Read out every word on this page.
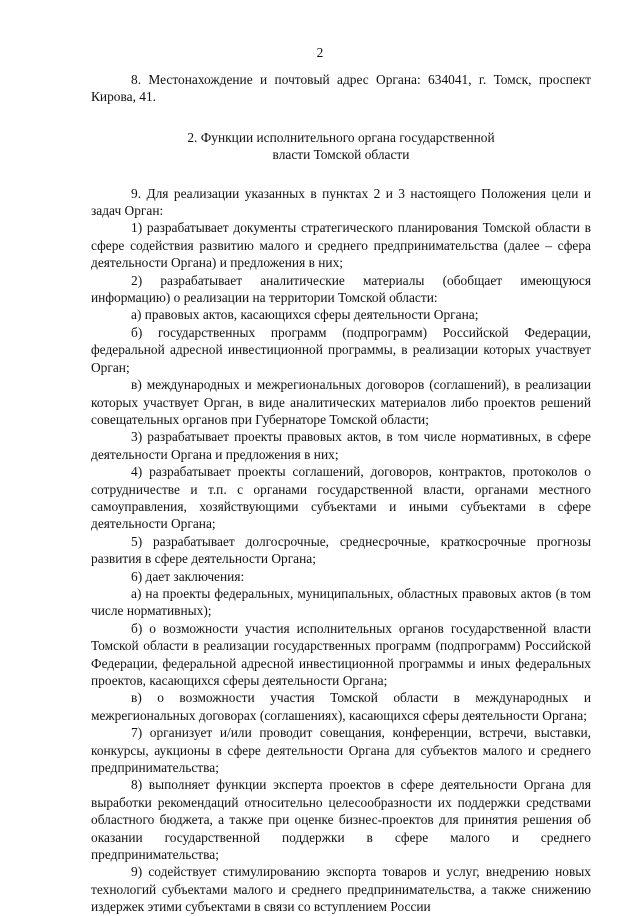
2

8. Местонахождение и почтовый адрес Органа: 634041, г. Томск, проспект Кирова, 41.

2. Функции исполнительного органа государственной
власти Томской области

9. Для реализации указанных в пунктах 2 и 3 настоящего Положения цели и задач Орган:

1) разрабатывает документы стратегического планирования Томской области в сфере содействия развитию малого и среднего предпринимательства (далее – сфера деятельности Органа) и предложения в них;

2) разрабатывает аналитические материалы (обобщает имеющуюся информацию) о реализации на территории Томской области:

а) правовых актов, касающихся сферы деятельности Органа;

б) государственных программ (подпрограмм) Российской Федерации, федеральной адресной инвестиционной программы, в реализации которых участвует Орган;

в) международных и межрегиональных договоров (соглашений), в реализации которых участвует Орган, в виде аналитических материалов либо проектов решений совещательных органов при Губернаторе Томской области;

3) разрабатывает проекты правовых актов, в том числе нормативных, в сфере деятельности Органа и предложения в них;

4) разрабатывает проекты соглашений, договоров, контрактов, протоколов о сотрудничестве и т.п. с органами государственной власти, органами местного самоуправления, хозяйствующими субъектами и иными субъектами в сфере деятельности Органа;

5) разрабатывает долгосрочные, среднесрочные, краткосрочные прогнозы развития в сфере деятельности Органа;

6) дает заключения:

а) на проекты федеральных, муниципальных, областных правовых актов (в том числе нормативных);

б) о возможности участия исполнительных органов государственной власти Томской области в реализации государственных программ (подпрограмм) Российской Федерации, федеральной адресной инвестиционной программы и иных федеральных проектов, касающихся сферы деятельности Органа;

в) о возможности участия Томской области в международных и межрегиональных договорах (соглашениях), касающихся сферы деятельности Органа;

7) организует и/или проводит совещания, конференции, встречи, выставки, конкурсы, аукционы в сфере деятельности Органа для субъектов малого и среднего предпринимательства;

8) выполняет функции эксперта проектов в сфере деятельности Органа для выработки рекомендаций относительно целесообразности их поддержки средствами областного бюджета, а также при оценке бизнес-проектов для принятия решения об оказании государственной поддержки в сфере малого и среднего предпринимательства;

9) содействует стимулированию экспорта товаров и услуг, внедрению новых технологий субъектами малого и среднего предпринимательства, а также снижению издержек этими субъектами в связи со вступлением России
